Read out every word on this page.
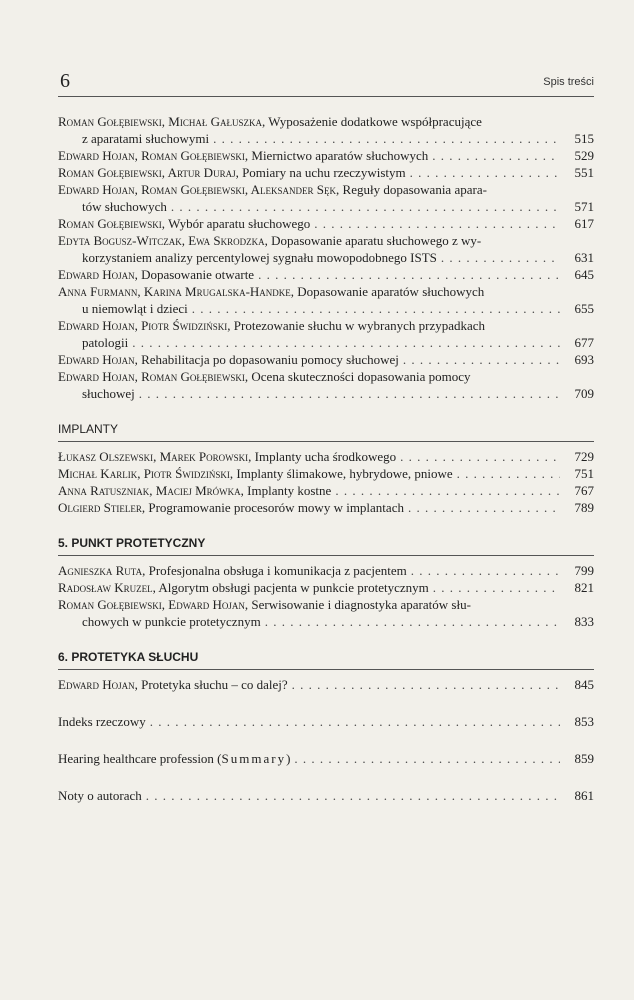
6	Spis treści
Roman Gołębiewski, Michał Gałuszka, Wyposażenie dodatkowe współpracujące
z aparatami słuchowymi . . .	515
Edward Hojan, Roman Gołębiewski, Miernictwo aparatów słuchowych . . .	529
Roman Gołębiewski, Artur Duraj, Pomiary na uchu rzeczywistym . . .	551
Edward Hojan, Roman Gołębiewski, Aleksander Sęk, Reguły dopasowania apara-
tów słuchowych . . .	571
Roman Gołębiewski, Wybór aparatu słuchowego . . .	617
Edyta Bogusz-Witczak, Ewa Skrodzka, Dopasowanie aparatu słuchowego z wy-
korzystaniem analizy percentylowej sygnału mowopodobnego ISTS . . .	631
Edward Hojan, Dopasowanie otwarte . . .	645
Anna Furmann, Karina Mrugalska-Handke, Dopasowanie aparatów słuchowych
u niemowląt i dzieci . . .	655
Edward Hojan, Piotr Świdziński, Protezowanie słuchu w wybranych przypadkach
patologii . . .	677
Edward Hojan, Rehabilitacja po dopasowaniu pomocy słuchowej . . .	693
Edward Hojan, Roman Gołębiewski, Ocena skuteczności dopasowania pomocy
słuchowej . . .	709
IMPLANTY
Łukasz Olszewski, Marek Porowski, Implanty ucha środkowego . . .	729
Michał Karlik, Piotr Świdziński, Implanty ślimakowe, hybrydowe, pniowe . . .	751
Anna Ratuszniak, Maciej Mrówka, Implanty kostne . . .	767
Olgierd Stieler, Programowanie procesorów mowy w implantach . . .	789
5. PUNKT PROTETYCZNY
Agnieszka Ruta, Profesjonalna obsługa i komunikacja z pacjentem . . .	799
Radosław Kruzel, Algorytm obsługi pacjenta w punkcie protetycznym . . .	821
Roman Gołębiewski, Edward Hojan, Serwisowanie i diagnostyka aparatów słu-
chowych w punkcie protetycznym . . .	833
6. PROTETYKA SŁUCHU
Edward Hojan, Protetyka słuchu – co dalej? . . .	845
Indeks rzeczowy . . .	853
Hearing healthcare profession (Summary) . . .	859
Noty o autorach . . .	861
